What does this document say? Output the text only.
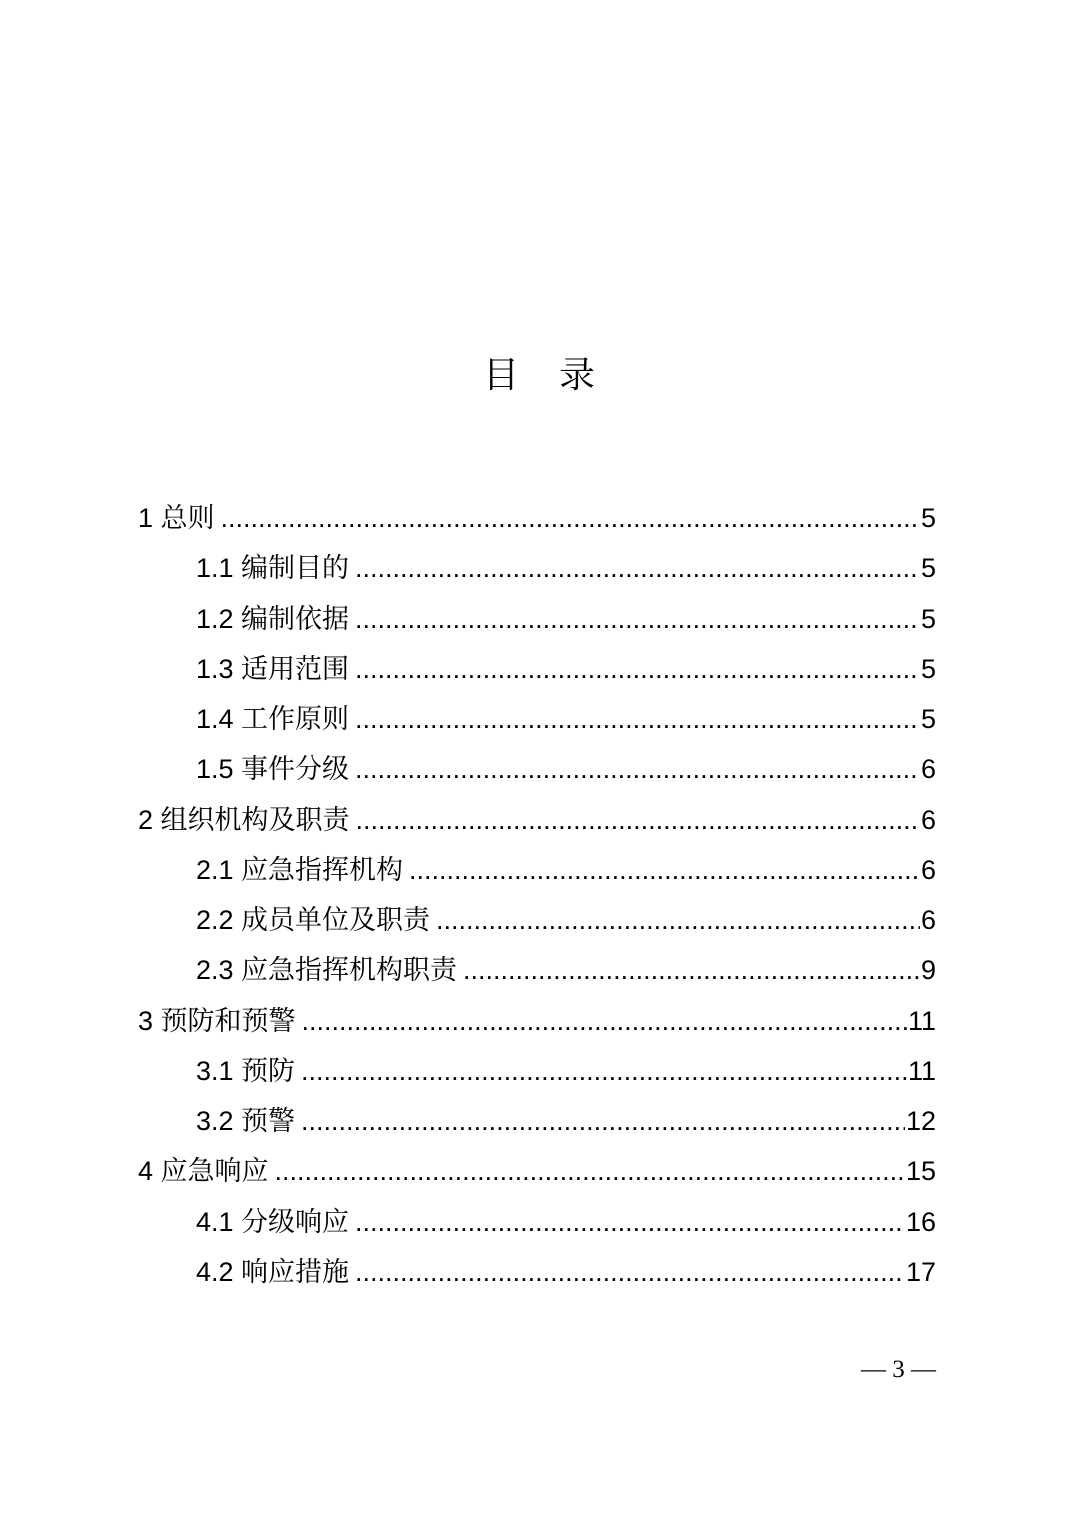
目 录
1 总则 .....	5
1.1 编制目的 .....	5
1.2 编制依据 .....	5
1.3 适用范围 .....	5
1.4 工作原则 .....	5
1.5 事件分级 .....	6
2 组织机构及职责 .....	6
2.1 应急指挥机构 .....	6
2.2 成员单位及职责 .....	6
2.3 应急指挥机构职责 .....	9
3 预防和预警 .....	11
3.1 预防 .....	11
3.2 预警 .....	12
4 应急响应 .....	15
4.1 分级响应 .....	16
4.2 响应措施 .....	17
— 3 —
